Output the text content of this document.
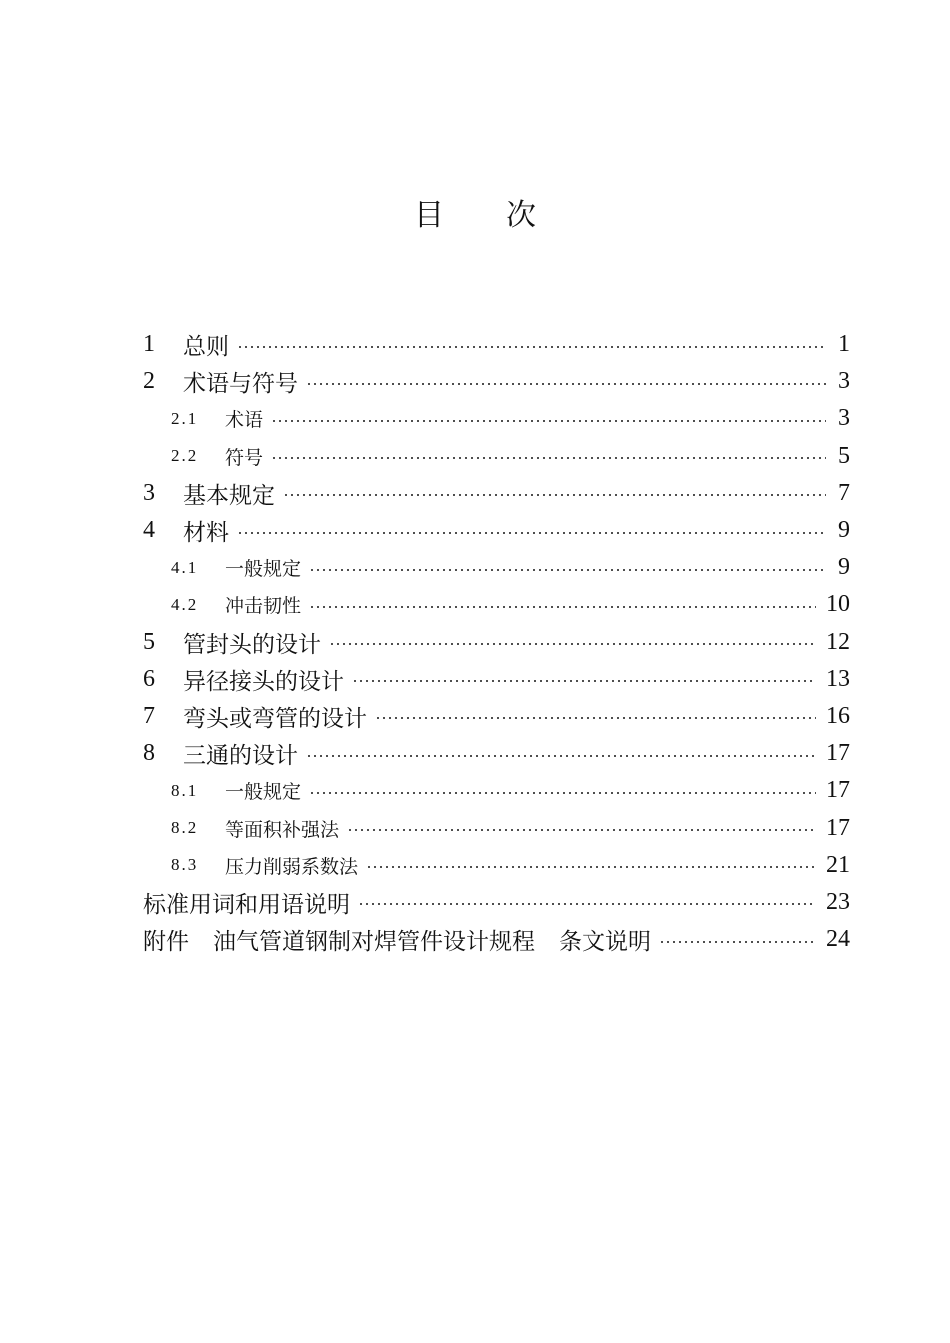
目 次
1	总则	1
2	术语与符号	3
2.1	术语	3
2.2	符号	5
3	基本规定	7
4	材料	9
4.1	一般规定	9
4.2	冲击韧性	10
5	管封头的设计	12
6	异径接头的设计	13
7	弯头或弯管的设计	16
8	三通的设计	17
8.1	一般规定	17
8.2	等面积补强法	17
8.3	压力削弱系数法	21
标准用词和用语说明	23
附件 油气管道钢制对焊管件设计规程 条文说明	24
